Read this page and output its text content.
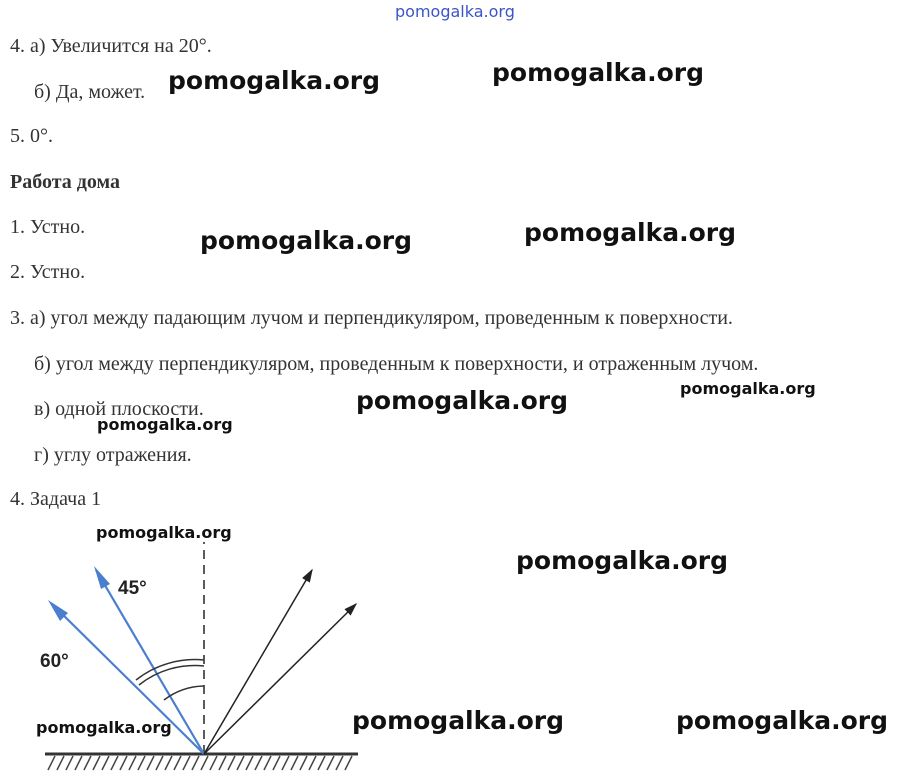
pomogalka.org
4. а) Увеличится на 20°.
б) Да, может.
5. 0°.
Работа дома
1. Устно.
2. Устно.
3. а) угол между падающим лучом и перпендикуляром, проведенным к поверхности.
б) угол между перпендикуляром, проведенным к поверхности, и отраженным лучом.
в) одной плоскости.
г) углу отражения.
4. Задача 1
pomogalka.org	pomogalka.org
pomogalka.org	pomogalka.org
pomogalka.org	pomogalka.org
pomogalka.org
pomogalka.org
pomogalka.org
pomogalka.org	pomogalka.org
pomogalka.org
45°
60°
